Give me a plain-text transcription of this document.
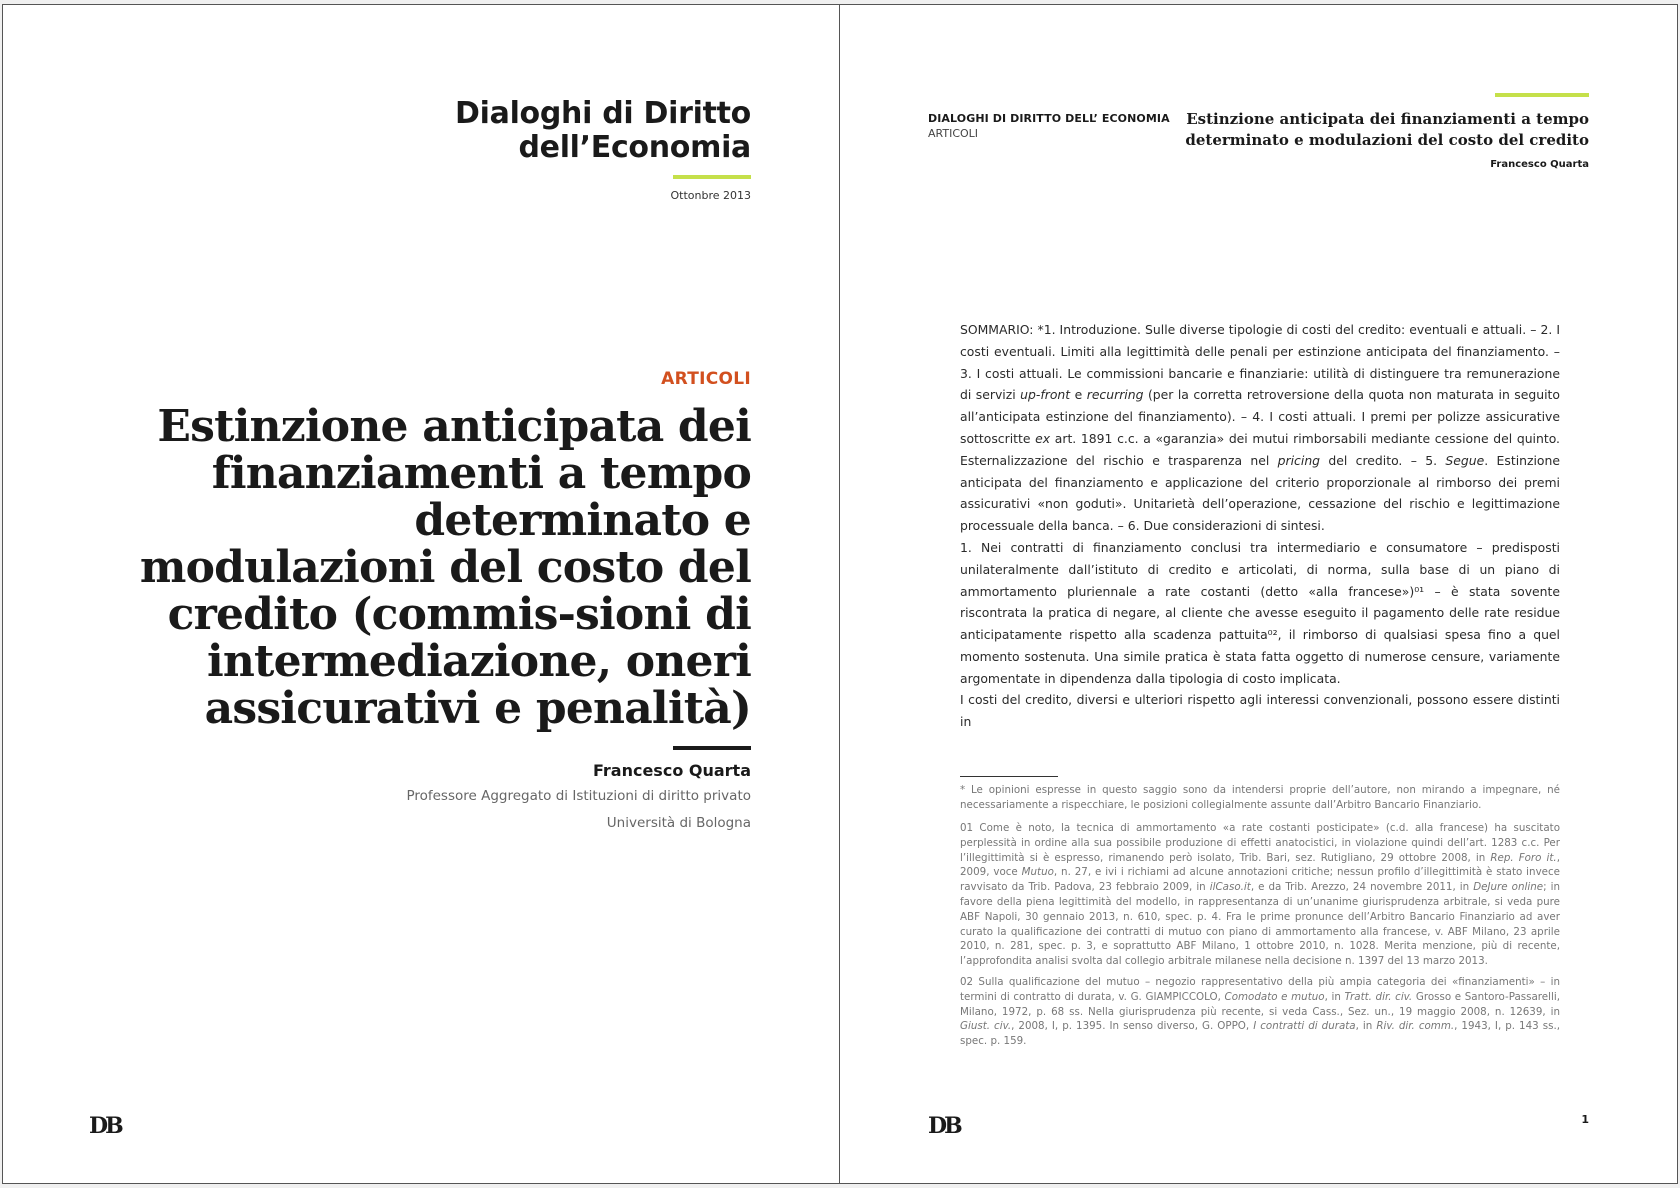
Dialoghi di Diritto
dell’Economia
Ottonbre 2013
ARTICOLI
Estinzione anticipata dei finanziamenti a tempo determinato e modulazioni del costo del credito (commis-sioni di intermediazione, oneri assicurativi e penalità)
Francesco Quarta
Professore Aggregato di Istituzioni di diritto privato
Università di Bologna
DB
DIALOGHI DI DIRITTO DELL’ ECONOMIA
ARTICOLI
Estinzione anticipata dei finanziamenti a tempo
determinato e modulazioni del costo del credito
Francesco Quarta
SOMMARIO: *1. Introduzione. Sulle diverse tipologie di costi del credito: eventuali e attuali. – 2. I costi eventuali. Limiti alla legittimità delle penali per estinzione anticipata del finanziamento. – 3. I costi attuali. Le commissioni bancarie e finanziarie: utilità di distinguere tra remunerazione di servizi up-front e recurring (per la corretta retroversione della quota non maturata in seguito all’anticipata estinzione del finanziamento). – 4. I costi attuali. I premi per polizze assicurative sottoscritte ex art. 1891 c.c. a «garanzia» dei mutui rimborsabili mediante cessione del quinto. Esternalizzazione del rischio e trasparenza nel pricing del credito. – 5. Segue. Estinzione anticipata del finanziamento e applicazione del criterio proporzionale al rimborso dei premi assicurativi «non goduti». Unitarietà dell’operazione, cessazione del rischio e legittimazione processuale della banca. – 6. Due considerazioni di sintesi.
1. Nei contratti di finanziamento conclusi tra intermediario e consumatore – predisposti unilateralmente dall’istituto di credito e articolati, di norma, sulla base di un piano di ammortamento pluriennale a rate costanti (detto «alla francese»)⁰¹ – è stata sovente riscontrata la pratica di negare, al cliente che avesse eseguito il pagamento delle rate residue anticipatamente rispetto alla scadenza pattuita⁰², il rimborso di qualsiasi spesa fino a quel momento sostenuta. Una simile pratica è stata fatta oggetto di numerose censure, variamente argomentate in dipendenza dalla tipologia di costo implicata.
I costi del credito, diversi e ulteriori rispetto agli interessi convenzionali, possono essere distinti in
* Le opinioni espresse in questo saggio sono da intendersi proprie dell’autore, non mirando a impegnare, né necessariamente a rispecchiare, le posizioni collegialmente assunte dall’Arbitro Bancario Finanziario.
01 Come è noto, la tecnica di ammortamento «a rate costanti posticipate» (c.d. alla francese) ha suscitato perplessità in ordine alla sua possibile produzione di effetti anatocistici, in violazione quindi dell’art. 1283 c.c. Per l’illegittimità si è espresso, rimanendo però isolato, Trib. Bari, sez. Rutigliano, 29 ottobre 2008, in Rep. Foro it., 2009, voce Mutuo, n. 27, e ivi i richiami ad alcune annotazioni critiche; nessun profilo d’illegittimità è stato invece ravvisato da Trib. Padova, 23 febbraio 2009, in ilCaso.it, e da Trib. Arezzo, 24 novembre 2011, in DeJure online; in favore della piena legittimità del modello, in rappresentanza di un’unanime giurisprudenza arbitrale, si veda pure ABF Napoli, 30 gennaio 2013, n. 610, spec. p. 4. Fra le prime pronunce dell’Arbitro Bancario Finanziario ad aver curato la qualificazione dei contratti di mutuo con piano di ammortamento alla francese, v. ABF Milano, 23 aprile 2010, n. 281, spec. p. 3, e soprattutto ABF Milano, 1 ottobre 2010, n. 1028. Merita menzione, più di recente, l’approfondita analisi svolta dal collegio arbitrale milanese nella decisione n. 1397 del 13 marzo 2013.
02 Sulla qualificazione del mutuo – negozio rappresentativo della più ampia categoria dei «finanziamenti» – in termini di contratto di durata, v. G. GIAMPICCOLO, Comodato e mutuo, in Tratt. dir. civ. Grosso e Santoro-Passarelli, Milano, 1972, p. 68 ss. Nella giurisprudenza più recente, si veda Cass., Sez. un., 19 maggio 2008, n. 12639, in Giust. civ., 2008, I, p. 1395. In senso diverso, G. OPPO, I contratti di durata, in Riv. dir. comm., 1943, I, p. 143 ss., spec. p. 159.
DB	1
